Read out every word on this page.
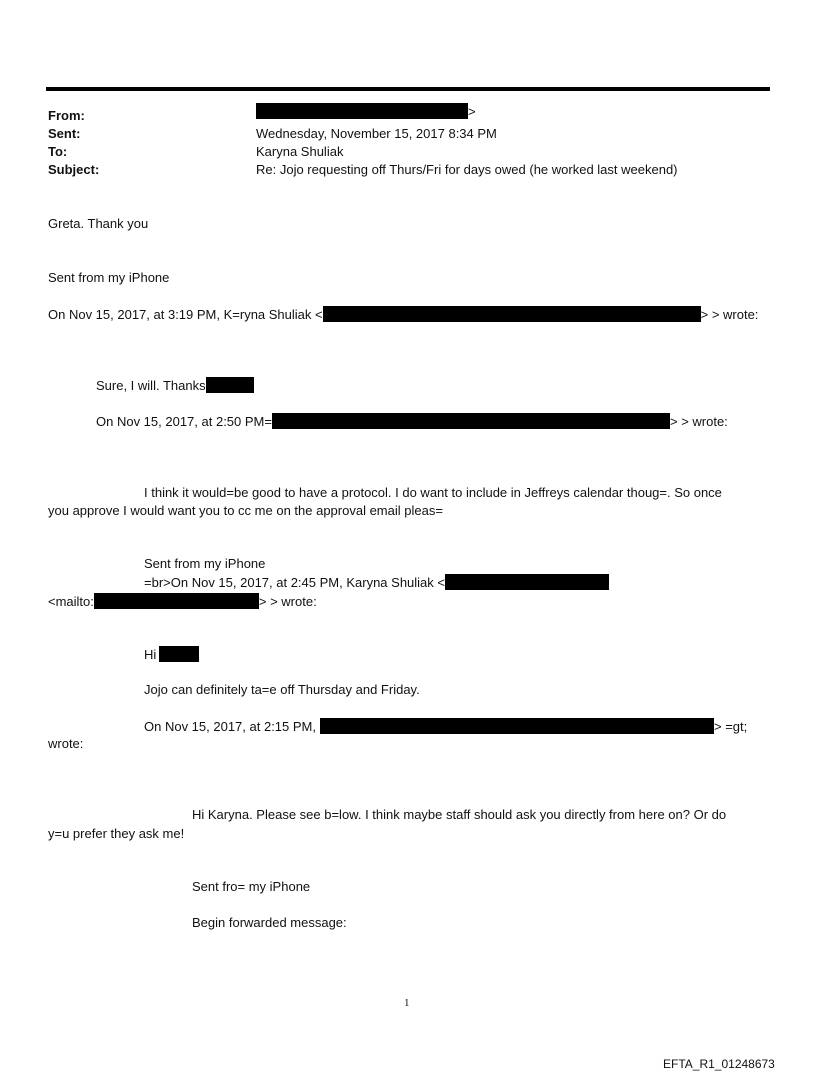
From:	>
Sent:	Wednesday, November 15, 2017 8:34 PM
To:	Karyna Shuliak
Subject:	Re: Jojo requesting off Thurs/Fri for days owed (he worked last weekend)
Greta. Thank you
Sent from my iPhone
On Nov 15, 2017, at 3:19 PM, K=ryna Shuliak <	> > wrote:
Sure, I will. Thanks
On Nov 15, 2017, at 2:50 PM=	> > wrote:
I think it would=be good to have a protocol. I do want to include in Jeffreys calendar thoug=. So once
you approve I would want you to cc me on the approval email pleas=
Sent from my iPhone
=br>On Nov 15, 2017, at 2:45 PM, Karyna Shuliak <
<mailto:	> > wrote:
Hi
Jojo can definitely ta=e off Thursday and Friday.
On Nov 15, 2017, at 2:15 PM,	> =gt;
wrote:
Hi Karyna. Please see b=low. I think maybe staff should ask you directly from here on? Or do
y=u prefer they ask me!
Sent fro= my iPhone
Begin forwarded message:
1
EFTA_R1_01248673
